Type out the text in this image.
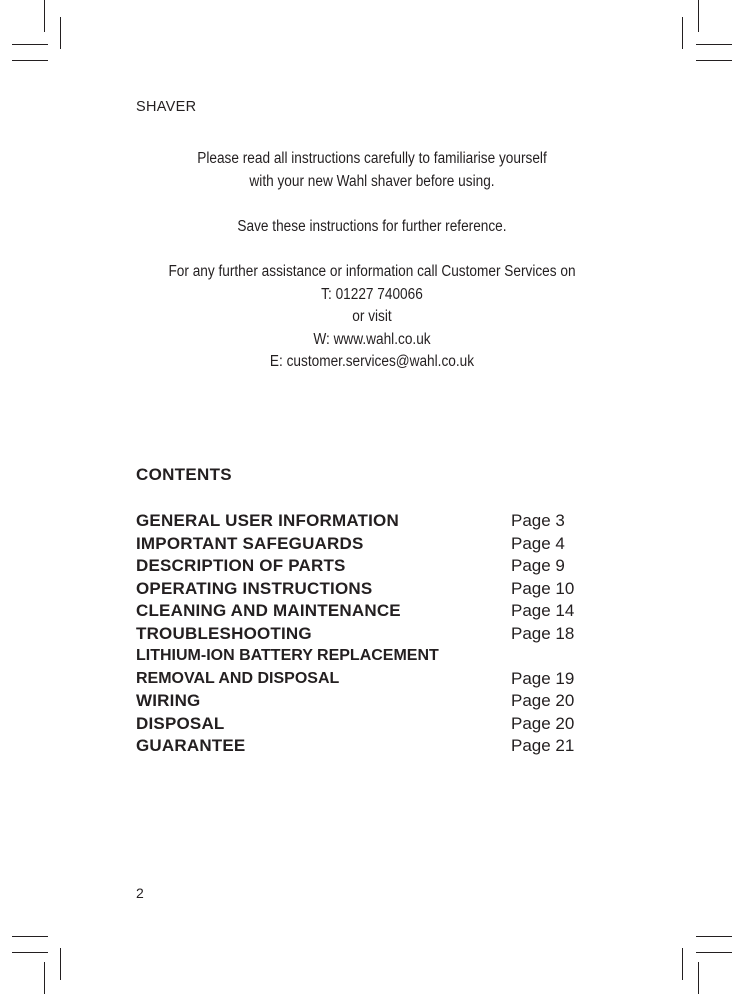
SHAVER
Please read all instructions carefully to familiarise yourself
with your new Wahl shaver before using.
Save these instructions for further reference.
For any further assistance or information call Customer Services on
T: 01227 740066
or visit
W: www.wahl.co.uk
E: customer.services@wahl.co.uk
CONTENTS
GENERAL USER INFORMATION	Page 3
IMPORTANT SAFEGUARDS	Page 4
DESCRIPTION OF PARTS	Page 9
OPERATING INSTRUCTIONS	Page 10
CLEANING AND MAINTENANCE	Page 14
TROUBLESHOOTING	Page 18
LITHIUM-ION BATTERY REPLACEMENT
REMOVAL AND DISPOSAL	Page 19
WIRING	Page 20
DISPOSAL	Page 20
GUARANTEE	Page 21
2
